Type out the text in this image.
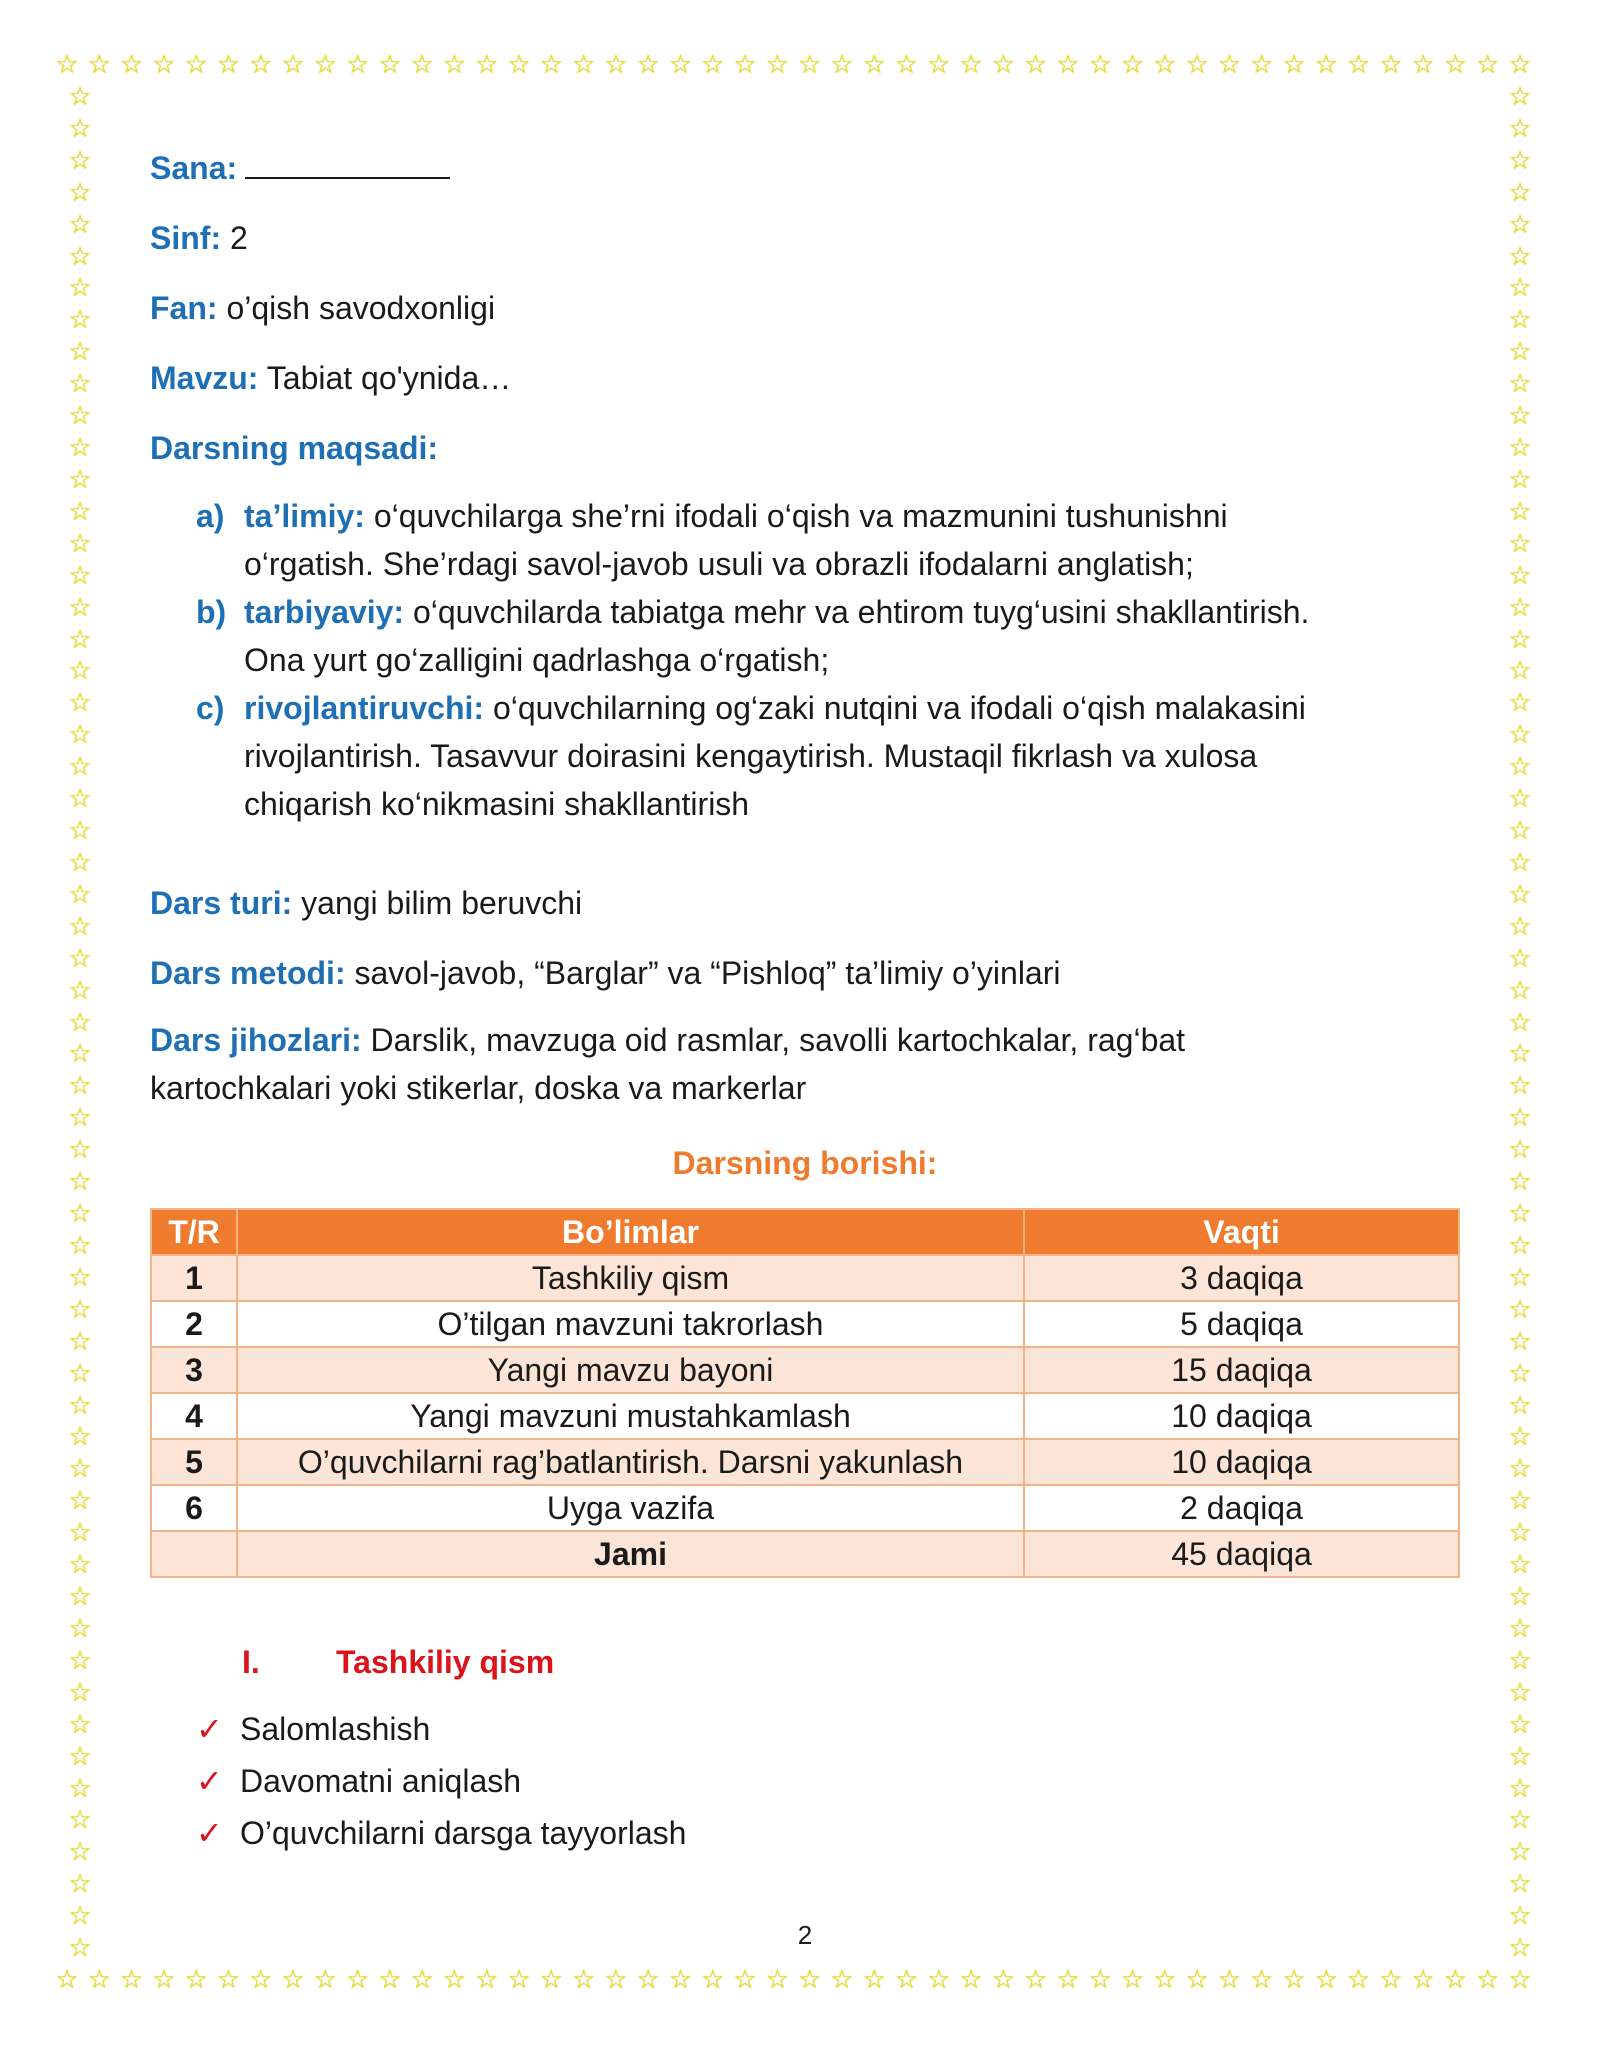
☆
☆
☆
☆
☆
☆
☆
☆
☆
☆
☆
☆
☆
☆
☆
☆
☆
☆
☆
☆
☆
☆
☆
☆
☆
☆
☆
☆
☆
☆
☆
☆
☆
☆
☆
☆
☆
☆
☆
☆
☆
☆
☆
☆
☆
☆
☆
☆
☆
☆
☆
☆
☆
☆
☆
☆
☆
☆
☆
☆
☆
☆
☆
☆
☆
☆
☆
☆
☆
☆
☆
☆
☆
☆
☆
☆
☆
☆
☆
☆
☆
☆
☆
☆
☆
☆
☆
☆
☆
☆
☆
☆
☆	☆
☆	☆
☆	☆
☆	☆
☆	☆
☆	☆
☆	☆
☆	☆
☆	☆
☆	☆
☆	☆
☆	☆
☆	☆
☆	☆
☆	☆
☆	☆
☆	☆
☆	☆
☆	☆
☆	☆
☆	☆
☆	☆
☆	☆
☆	☆
☆	☆
☆	☆
☆	☆
☆	☆
☆	☆
☆	☆
☆	☆
☆	☆
☆	☆
☆	☆
☆	☆
☆	☆
☆	☆
☆	☆
☆	☆
☆	☆
☆	☆
☆	☆
☆	☆
☆	☆
☆	☆
☆	☆
☆	☆
☆	☆
☆	☆
☆	☆
☆	☆
☆	☆
☆	☆
☆	☆
☆	☆
☆	☆
☆	☆
☆	☆
☆	☆
Sana:
Sinf: 2
Fan: o’qish savodxonligi
Mavzu: Tabiat qo'ynida…
Darsning maqsadi:
a) ta’limiy: o‘quvchilarga she’rni ifodali o‘qish va mazmunini tushunishni
o‘rgatish. She’rdagi savol-javob usuli va obrazli ifodalarni anglatish;
b) tarbiyaviy: o‘quvchilarda tabiatga mehr va ehtirom tuyg‘usini shakllantirish.
Ona yurt go‘zalligini qadrlashga o‘rgatish;
c) rivojlantiruvchi: o‘quvchilarning og‘zaki nutqini va ifodali o‘qish malakasini
rivojlantirish. Tasavvur doirasini kengaytirish. Mustaqil fikrlash va xulosa
chiqarish ko‘nikmasini shakllantirish
Dars turi: yangi bilim beruvchi
Dars metodi: savol-javob, “Barglar” va “Pishloq” ta’limiy o’yinlari
Dars jihozlari: Darslik, mavzuga oid rasmlar, savolli kartochkalar, rag‘bat
kartochkalari yoki stikerlar, doska va markerlar
Darsning borishi:
T/R	Bo’limlar	Vaqti
1	Tashkiliy qism	3 daqiqa
2	O’tilgan mavzuni takrorlash	5 daqiqa
3	Yangi mavzu bayoni	15 daqiqa
4	Yangi mavzuni mustahkamlash	10 daqiqa
5	O’quvchilarni rag’batlantirish. Darsni yakunlash	10 daqiqa
6	Uyga vazifa	2 daqiqa
	Jami	45 daqiqa
I. Tashkiliy qism
✓ Salomlashish
✓ Davomatni aniqlash
✓ O’quvchilarni darsga tayyorlash
2
